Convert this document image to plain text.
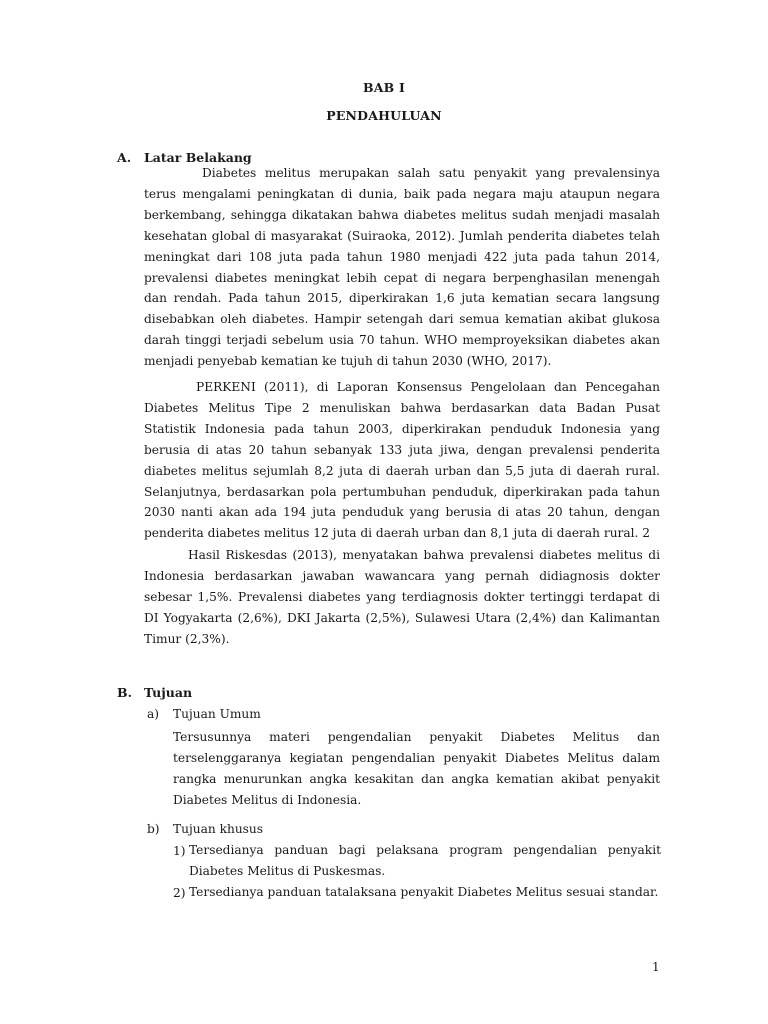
BAB I
PENDAHULUAN
A. Latar Belakang

Diabetes melitus merupakan salah satu penyakit yang prevalensinya terus mengalami peningkatan di dunia, baik pada negara maju ataupun negara berkembang, sehingga dikatakan bahwa diabetes melitus sudah menjadi masalah kesehatan global di masyarakat (Suiraoka, 2012). Jumlah penderita diabetes telah meningkat dari 108 juta pada tahun 1980 menjadi 422 juta pada tahun 2014, prevalensi diabetes meningkat lebih cepat di negara berpenghasilan menengah dan rendah. Pada tahun 2015, diperkirakan 1,6 juta kematian secara langsung disebabkan oleh diabetes. Hampir setengah dari semua kematian akibat glukosa darah tinggi terjadi sebelum usia 70 tahun. WHO memproyeksikan diabetes akan menjadi penyebab kematian ke tujuh di tahun 2030 (WHO, 2017).

PERKENI (2011), di Laporan Konsensus Pengelolaan dan Pencegahan Diabetes Melitus Tipe 2 menuliskan bahwa berdasarkan data Badan Pusat Statistik Indonesia pada tahun 2003, diperkirakan penduduk Indonesia yang berusia di atas 20 tahun sebanyak 133 juta jiwa, dengan prevalensi penderita diabetes melitus sejumlah 8,2 juta di daerah urban dan 5,5 juta di daerah rural. Selanjutnya, berdasarkan pola pertumbuhan penduduk, diperkirakan pada tahun 2030 nanti akan ada 194 juta penduduk yang berusia di atas 20 tahun, dengan penderita diabetes melitus 12 juta di daerah urban dan 8,1 juta di daerah rural. 2

Hasil Riskesdas (2013), menyatakan bahwa prevalensi diabetes melitus di Indonesia berdasarkan jawaban wawancara yang pernah didiagnosis dokter sebesar 1,5%. Prevalensi diabetes yang terdiagnosis dokter tertinggi terdapat di DI Yogyakarta (2,6%), DKI Jakarta (2,5%), Sulawesi Utara (2,4%) dan Kalimantan Timur (2,3%).

B. Tujuan
a) Tujuan Umum

Tersusunnya materi pengendalian penyakit Diabetes Melitus dan terselenggaranya kegiatan pengendalian penyakit Diabetes Melitus dalam rangka menurunkan angka kesakitan dan angka kematian akibat penyakit Diabetes Melitus di Indonesia.

b) Tujuan khusus
1) Tersedianya panduan bagi pelaksana program pengendalian penyakit Diabetes Melitus di Puskesmas.

2) Tersedianya panduan tatalaksana penyakit Diabetes Melitus sesuai standar.

1
